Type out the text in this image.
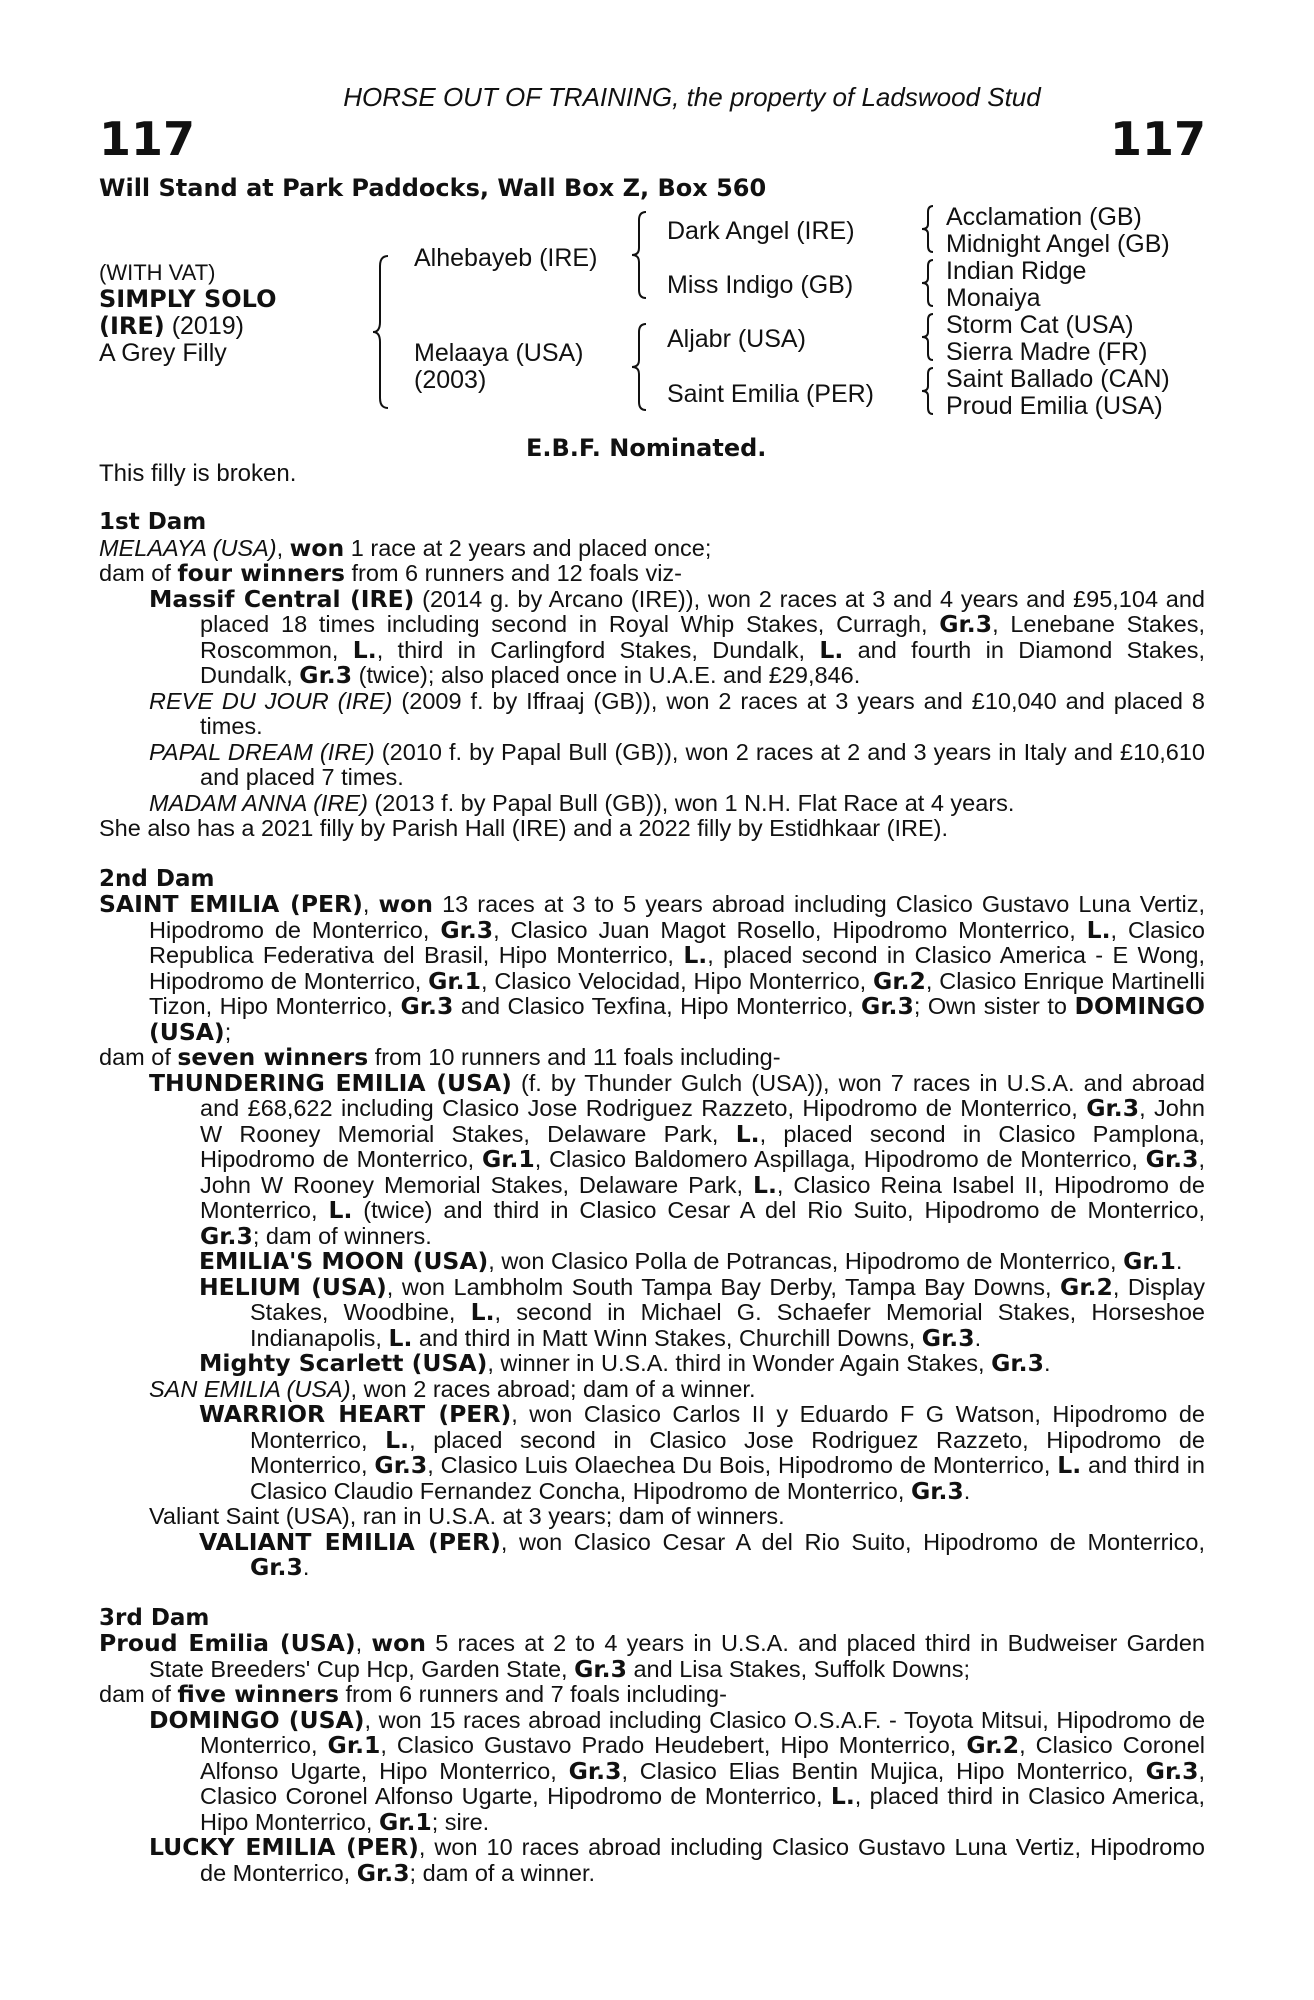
HORSE OUT OF TRAINING, the property of Ladswood Stud
117	117
Will Stand at Park Paddocks, Wall Box Z, Box 560
(WITH VAT)
SIMPLY SOLO
(IRE) (2019)
A Grey Filly
Alhebayeb (IRE)
Melaaya (USA)
(2003)
Dark Angel (IRE)
Miss Indigo (GB)
Aljabr (USA)
Saint Emilia (PER)
Acclamation (GB)
Midnight Angel (GB)
Indian Ridge
Monaiya
Storm Cat (USA)
Sierra Madre (FR)
Saint Ballado (CAN)
Proud Emilia (USA)
E.B.F. Nominated.
This filly is broken.
1st Dam

MELAAYA (USA), won 1 race at 2 years and placed once;

dam of four winners from 6 runners and 12 foals viz-

Massif Central (IRE) (2014 g. by Arcano (IRE)), won 2 races at 3 and 4 years and £95,104 and placed 18 times including second in Royal Whip Stakes, Curragh, Gr.3, Lenebane Stakes, Roscommon, L., third in Carlingford Stakes, Dundalk, L. and fourth in Diamond Stakes, Dundalk, Gr.3 (twice); also placed once in U.A.E. and £29,846.

REVE DU JOUR (IRE) (2009 f. by Iffraaj (GB)), won 2 races at 3 years and £10,040 and placed 8 times.

PAPAL DREAM (IRE) (2010 f. by Papal Bull (GB)), won 2 races at 2 and 3 years in Italy and £10,610 and placed 7 times.

MADAM ANNA (IRE) (2013 f. by Papal Bull (GB)), won 1 N.H. Flat Race at 4 years.

She also has a 2021 filly by Parish Hall (IRE) and a 2022 filly by Estidhkaar (IRE).

2nd Dam

SAINT EMILIA (PER), won 13 races at 3 to 5 years abroad including Clasico Gustavo Luna Vertiz, Hipodromo de Monterrico, Gr.3, Clasico Juan Magot Rosello, Hipodromo Monterrico, L., Clasico Republica Federativa del Brasil, Hipo Monterrico, L., placed second in Clasico America - E Wong, Hipodromo de Monterrico, Gr.1, Clasico Velocidad, Hipo Monterrico, Gr.2, Clasico Enrique Martinelli Tizon, Hipo Monterrico, Gr.3 and Clasico Texfina, Hipo Monterrico, Gr.3; Own sister to DOMINGO (USA);

dam of seven winners from 10 runners and 11 foals including-

THUNDERING EMILIA (USA) (f. by Thunder Gulch (USA)), won 7 races in U.S.A. and abroad and £68,622 including Clasico Jose Rodriguez Razzeto, Hipodromo de Monterrico, Gr.3, John W Rooney Memorial Stakes, Delaware Park, L., placed second in Clasico Pamplona, Hipodromo de Monterrico, Gr.1, Clasico Baldomero Aspillaga, Hipodromo de Monterrico, Gr.3, John W Rooney Memorial Stakes, Delaware Park, L., Clasico Reina Isabel II, Hipodromo de Monterrico, L. (twice) and third in Clasico Cesar A del Rio Suito, Hipodromo de Monterrico, Gr.3; dam of winners.

EMILIA'S MOON (USA), won Clasico Polla de Potrancas, Hipodromo de Monterrico, Gr.1.

HELIUM (USA), won Lambholm South Tampa Bay Derby, Tampa Bay Downs, Gr.2, Display Stakes, Woodbine, L., second in Michael G. Schaefer Memorial Stakes, Horseshoe Indianapolis, L. and third in Matt Winn Stakes, Churchill Downs, Gr.3.

Mighty Scarlett (USA), winner in U.S.A. third in Wonder Again Stakes, Gr.3.

SAN EMILIA (USA), won 2 races abroad; dam of a winner.

WARRIOR HEART (PER), won Clasico Carlos II y Eduardo F G Watson, Hipodromo de Monterrico, L., placed second in Clasico Jose Rodriguez Razzeto, Hipodromo de Monterrico, Gr.3, Clasico Luis Olaechea Du Bois, Hipodromo de Monterrico, L. and third in Clasico Claudio Fernandez Concha, Hipodromo de Monterrico, Gr.3.

Valiant Saint (USA), ran in U.S.A. at 3 years; dam of winners.

VALIANT EMILIA (PER), won Clasico Cesar A del Rio Suito, Hipodromo de Monterrico, Gr.3.

3rd Dam

Proud Emilia (USA), won 5 races at 2 to 4 years in U.S.A. and placed third in Budweiser Garden State Breeders' Cup Hcp, Garden State, Gr.3 and Lisa Stakes, Suffolk Downs;

dam of five winners from 6 runners and 7 foals including-

DOMINGO (USA), won 15 races abroad including Clasico O.S.A.F. - Toyota Mitsui, Hipodromo de Monterrico, Gr.1, Clasico Gustavo Prado Heudebert, Hipo Monterrico, Gr.2, Clasico Coronel Alfonso Ugarte, Hipo Monterrico, Gr.3, Clasico Elias Bentin Mujica, Hipo Monterrico, Gr.3, Clasico Coronel Alfonso Ugarte, Hipodromo de Monterrico, L., placed third in Clasico America, Hipo Monterrico, Gr.1; sire.

LUCKY EMILIA (PER), won 10 races abroad including Clasico Gustavo Luna Vertiz, Hipodromo de Monterrico, Gr.3; dam of a winner.
